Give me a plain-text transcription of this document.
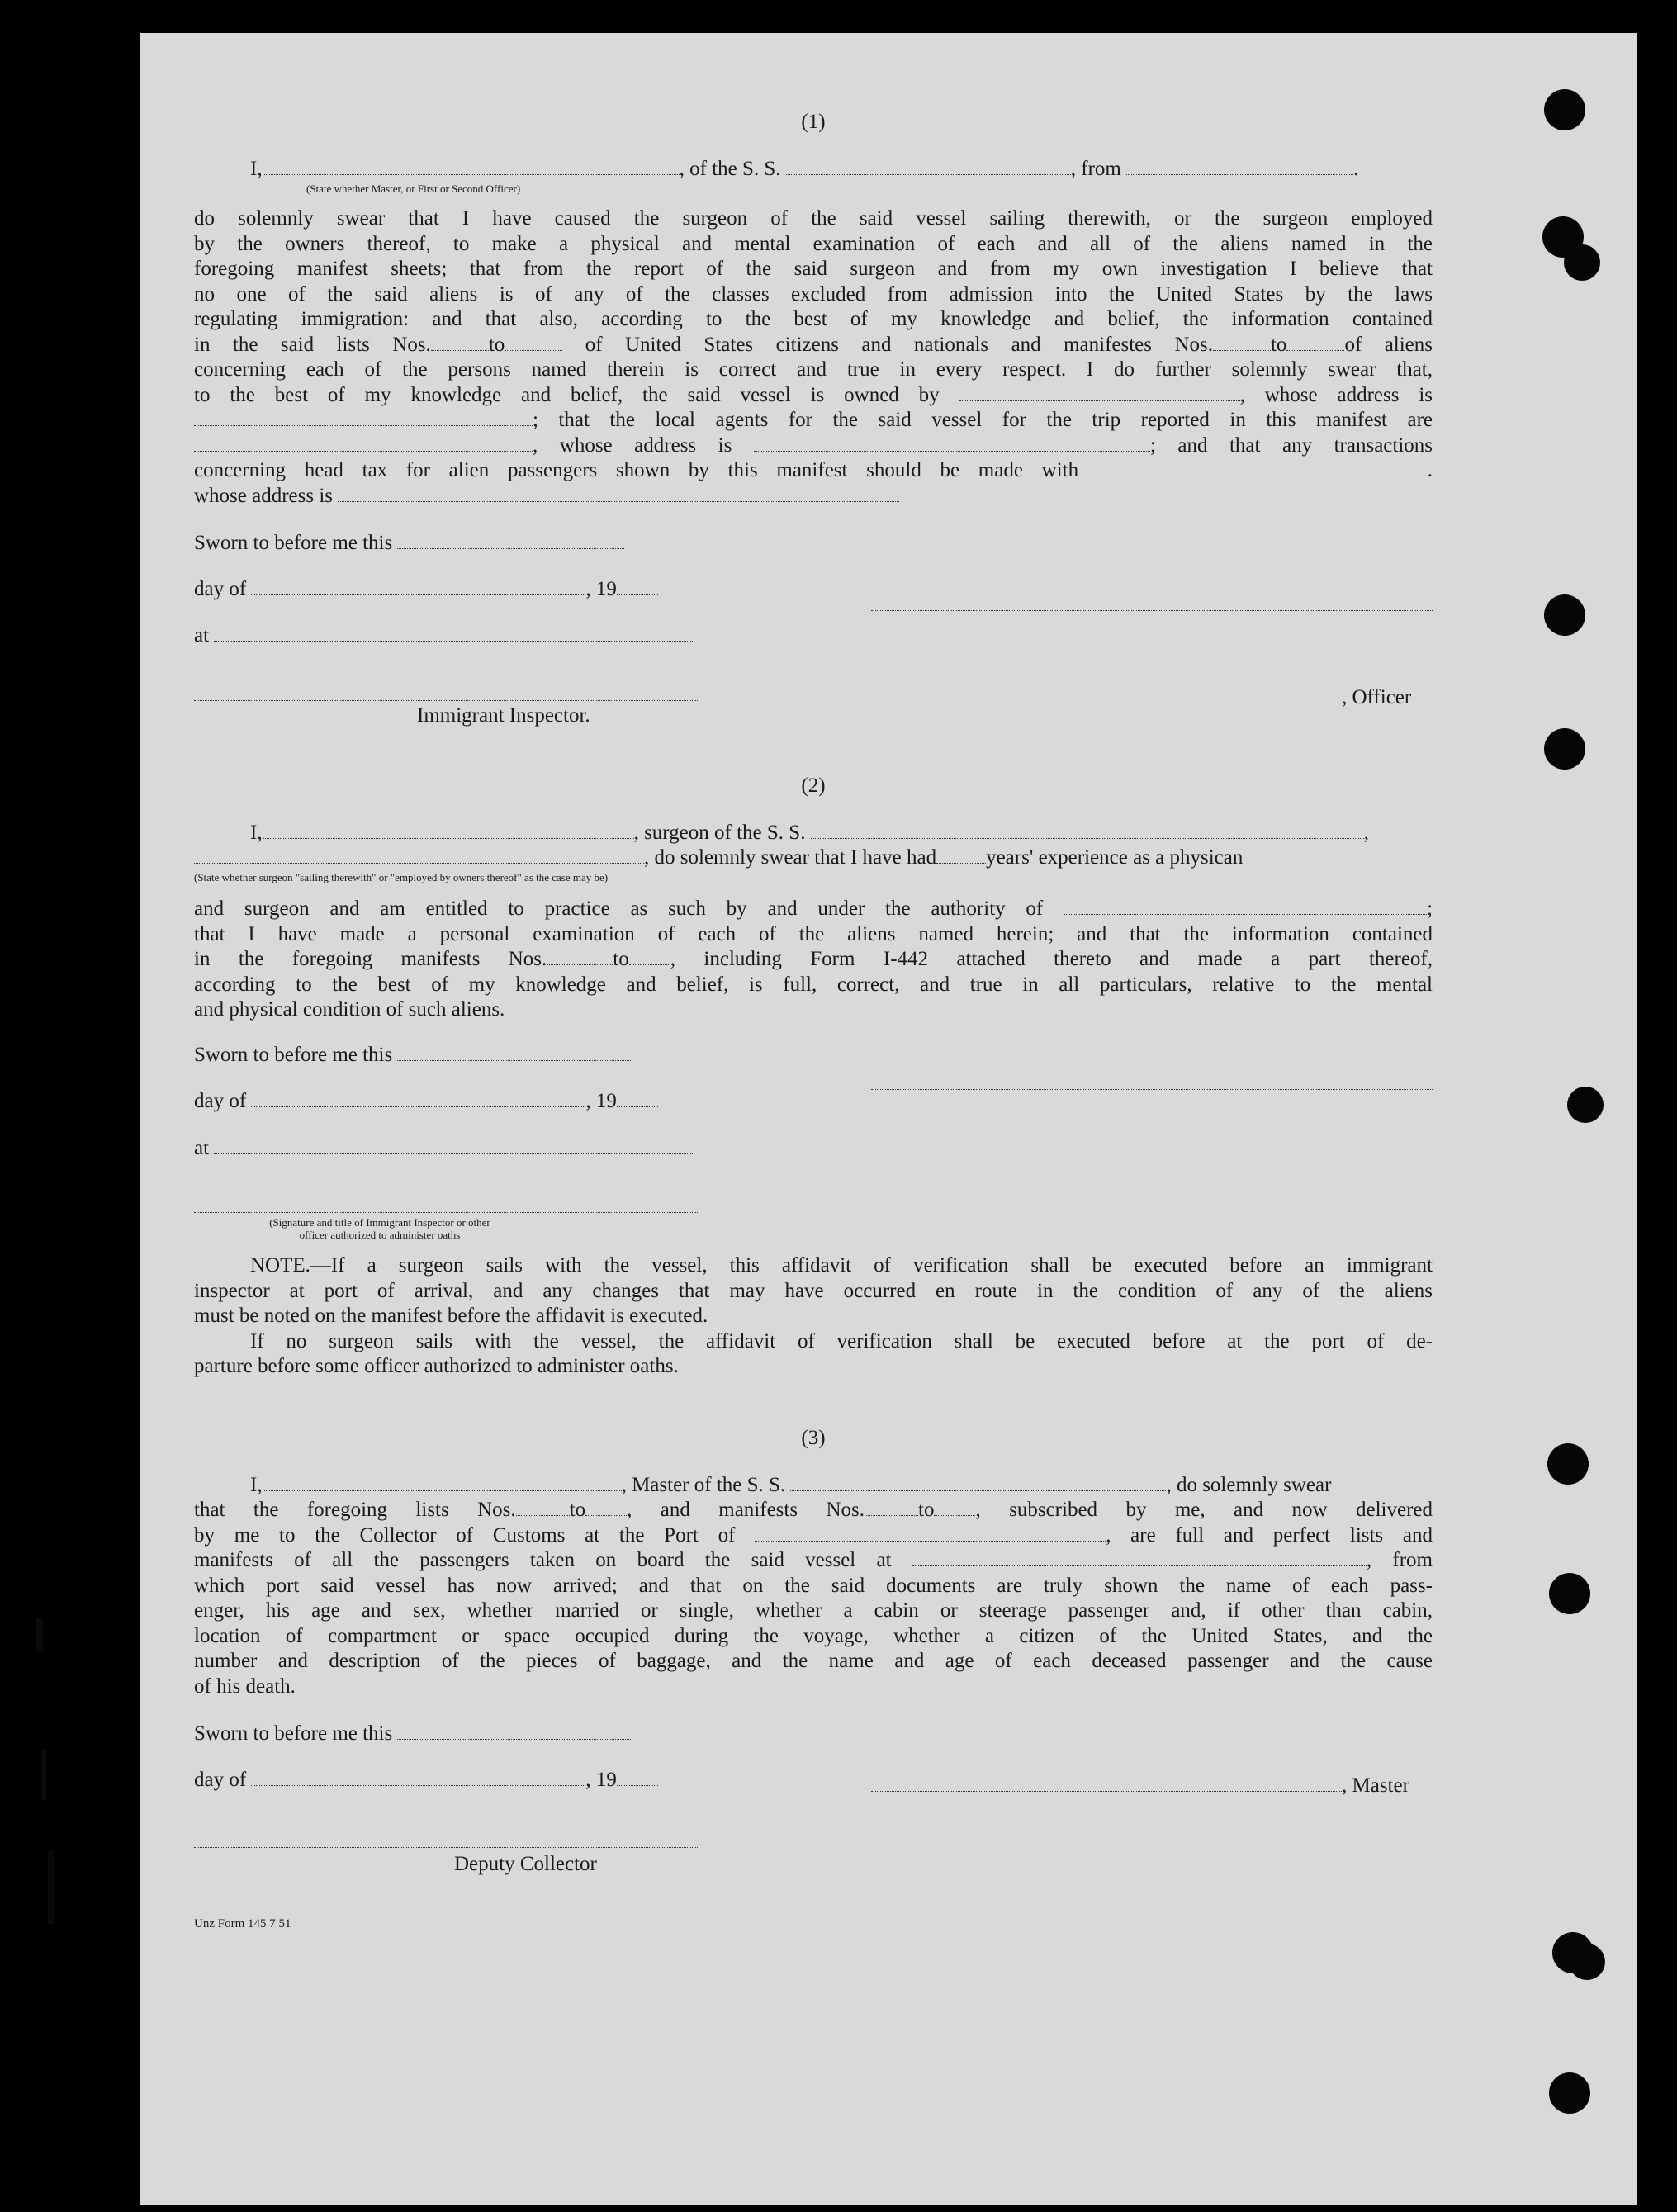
(1)
I,	, of the S. S.	, from	.
(State whether Master, or First or Second Officer)
do solemnly swear that I have caused the surgeon of the said vessel sailing therewith, or the surgeon employed
by the owners thereof, to make a physical and mental examination of each and all of the aliens named in the
foregoing manifest sheets; that from the report of the said surgeon and from my own investigation I believe that
no one of the said aliens is of any of the classes excluded from admission into the United States by the laws
regulating immigration: and that also, according to the best of my knowledge and belief, the information contained
in the said lists Nos.	to	of United States citizens and nationals and manifestes Nos.	to	of aliens
concerning each of the persons named therein is correct and true in every respect. I do further solemnly swear that,
to the best of my knowledge and belief, the said vessel is owned by	, whose address is
; that the local agents for the said vessel for the trip reported in this manifest are
, whose address is	; and that any transactions
concerning head tax for alien passengers shown by this manifest should be made with	.
whose address is
Sworn to before me this
day of	, 19
at
, Officer
Immigrant Inspector.
(2)
I,	, surgeon of the S. S.	,
, do solemnly swear that I have had years' experience as a physican
(State whether surgeon "sailing therewith" or "employed by owners thereof" as the case may be)
and surgeon and am entitled to practice as such by and under the authority of	;
that I have made a personal examination of each of the aliens named herein; and that the information contained
in the foregoing manifests Nos.	to , including Form I-442 attached thereto and made a part thereof,
according to the best of my knowledge and belief, is full, correct, and true in all particulars, relative to the mental
and physical condition of such aliens.
Sworn to before me this
day of	, 19
at
(Signature and title of Immigrant Inspector or other
officer authorized to administer oaths
NOTE.—If a surgeon sails with the vessel, this affidavit of verification shall be executed before an immigrant
inspector at port of arrival, and any changes that may have occurred en route in the condition of any of the aliens
must be noted on the manifest before the affidavit is executed.
If no surgeon sails with the vessel, the affidavit of verification shall be executed before at the port of de-
parture before some officer authorized to administer oaths.
(3)
I,	, Master of the S. S.	, do solemnly swear
that the foregoing lists Nos.	to , and manifests Nos.	to , subscribed by me, and now delivered
by me to the Collector of Customs at the Port of	, are full and perfect lists and
manifests of all the passengers taken on board the said vessel at	, from
which port said vessel has now arrived; and that on the said documents are truly shown the name of each pass-
enger, his age and sex, whether married or single, whether a cabin or steerage passenger and, if other than cabin,
location of compartment or space occupied during the voyage, whether a citizen of the United States, and the
number and description of the pieces of baggage, and the name and age of each deceased passenger and the cause
of his death.
Sworn to before me this
day of	, 19	, Master
Deputy Collector
Unz Form 145 7 51
